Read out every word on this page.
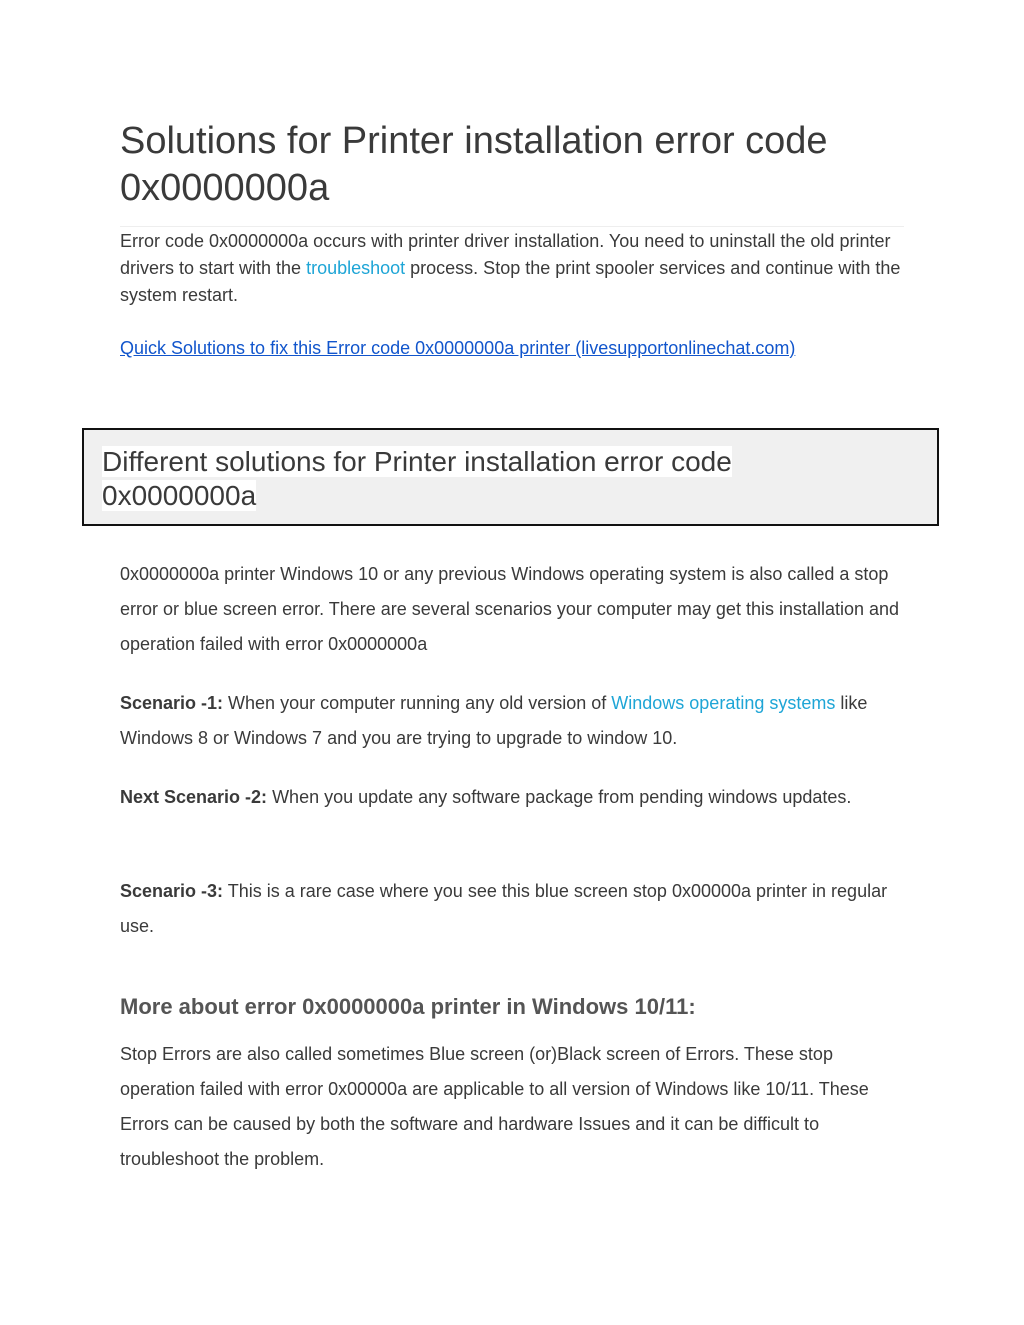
Solutions for Printer installation error code
0x0000000a

Error code 0x0000000a occurs with printer driver installation. You need to uninstall the old printer drivers to start with the troubleshoot process. Stop the print spooler services and continue with the system restart.

Quick Solutions to fix this Error code 0x0000000a printer (livesupportonlinechat.com)
Different solutions for Printer installation error code
0x0000000a

0x0000000a printer Windows 10 or any previous Windows operating system is also called a stop error or blue screen error. There are several scenarios your computer may get this installation and operation failed with error 0x0000000a

Scenario -1: When your computer running any old version of Windows operating systems like Windows 8 or Windows 7 and you are trying to upgrade to window 10.

Next Scenario -2: When you update any software package from pending windows updates.

Scenario -3: This is a rare case where you see this blue screen stop 0x00000a printer in regular use.

More about error 0x0000000a printer in Windows 10/11:

Stop Errors are also called sometimes Blue screen (or)Black screen of Errors. These stop operation failed with error 0x00000a are applicable to all version of Windows like 10/11. These Errors can be caused by both the software and hardware Issues and it can be difficult to troubleshoot the problem.
